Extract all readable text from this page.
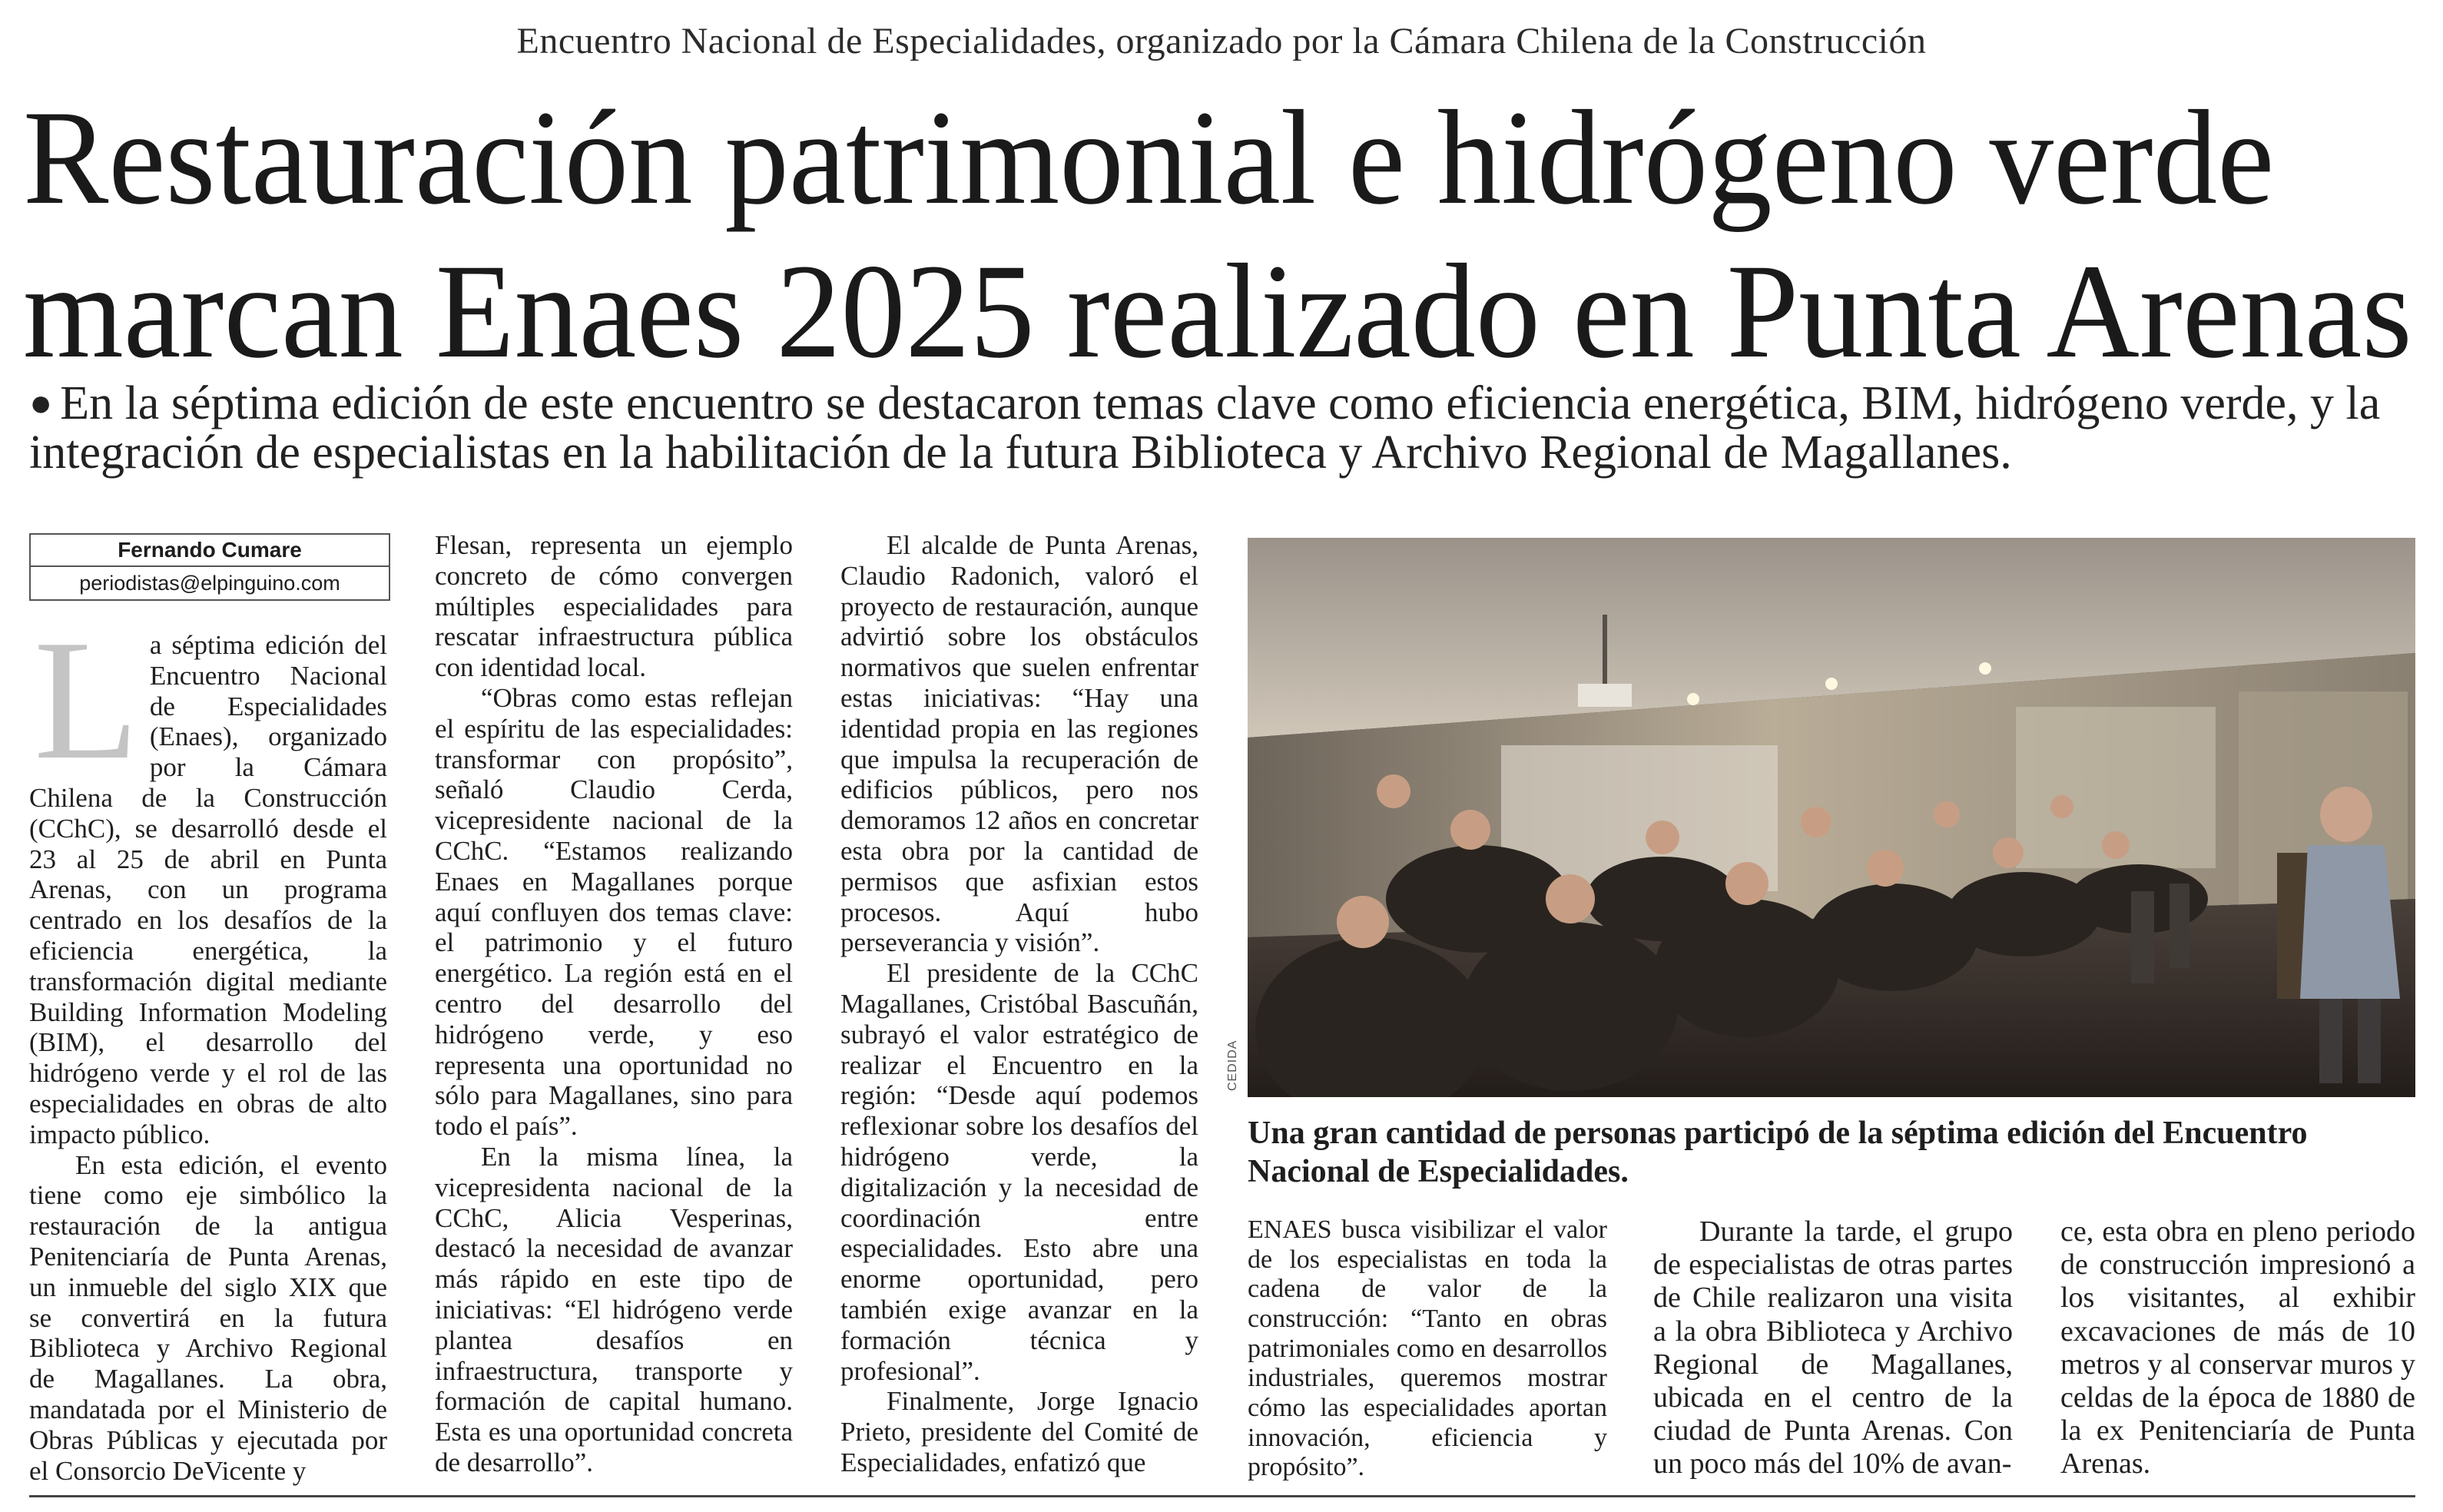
Encuentro Nacional de Especialidades, organizado por la Cámara Chilena de la Construcción
Restauración patrimonial e hidrógeno verde
marcan Enaes 2025 realizado en Punta Arenas
● En la séptima edición de este encuentro se destacaron temas clave como eficiencia energética, BIM, hidrógeno verde, y la integración de especialistas en la habilitación de la futura Biblioteca y Archivo Regional de Magallanes.
Fernando Cumare
periodistas@elpinguino.com

La séptima edición del Encuentro Nacional de Especialidades (Enaes), organizado por la Cámara Chilena de la Construcción (CChC), se desarrolló desde el 23 al 25 de abril en Punta Arenas, con un programa centrado en los desafíos de la eficiencia energética, la transformación digital mediante Building Information Modeling (BIM), el desarrollo del hidrógeno verde y el rol de las especialidades en obras de alto impacto público.

En esta edición, el evento tiene como eje simbólico la restauración de la antigua Penitenciaría de Punta Arenas, un inmueble del siglo XIX que se convertirá en la futura Biblioteca y Archivo Regional de Magallanes. La obra, mandatada por el Ministerio de Obras Públicas y ejecutada por el Consorcio DeVicente y

Flesan, representa un ejemplo concreto de cómo convergen múltiples especialidades para rescatar infraestructura pública con identidad local.

“Obras como estas reflejan el espíritu de las especialidades: transformar con propósito”, señaló Claudio Cerda, vicepresidente nacional de la CChC. “Estamos realizando Enaes en Magallanes porque aquí confluyen dos temas clave: el patrimonio y el futuro energético. La región está en el centro del desarrollo del hidrógeno verde, y eso representa una oportunidad no sólo para Magallanes, sino para todo el país”.

En la misma línea, la vicepresidenta nacional de la CChC, Alicia Vesperinas, destacó la necesidad de avanzar más rápido en este tipo de iniciativas: “El hidrógeno verde plantea desafíos en infraestructura, transporte y formación de capital humano. Esta es una oportunidad concreta de desarrollo”.

El alcalde de Punta Arenas, Claudio Radonich, valoró el proyecto de restauración, aunque advirtió sobre los obstáculos normativos que suelen enfrentar estas iniciativas: “Hay una identidad propia en las regiones que impulsa la recuperación de edificios públicos, pero nos demoramos 12 años en concretar esta obra por la cantidad de permisos que asfixian estos procesos. Aquí hubo perseverancia y visión”.

El presidente de la CChC Magallanes, Cristóbal Bascuñán, subrayó el valor estratégico de realizar el Encuentro en la región: “Desde aquí podemos reflexionar sobre los desafíos del hidrógeno verde, la digitalización y la necesidad de coordinación entre especialidades. Esto abre una enorme oportunidad, pero también exige avanzar en la formación técnica y profesional”.

Finalmente, Jorge Ignacio Prieto, presidente del Comité de Especialidades, enfatizó que

CEDIDA
Una gran cantidad de personas participó de la séptima edición del Encuentro Nacional de Especialidades.

ENAES busca visibilizar el valor de los especialistas en toda la cadena de valor de la construcción: “Tanto en obras patrimoniales como en desarrollos industriales, queremos mostrar cómo las especialidades aportan innovación, eficiencia y propósito”.

Durante la tarde, el grupo de especialistas de otras partes de Chile realizaron una visita a la obra Biblioteca y Archivo Regional de Magallanes, ubicada en el centro de la ciudad de Punta Arenas. Con un poco más del 10% de avan-

ce, esta obra en pleno periodo de construcción impresionó a los visitantes, al exhibir excavaciones de más de 10 metros y al conservar muros y celdas de la época de 1880 de la ex Penitenciaría de Punta Arenas.
